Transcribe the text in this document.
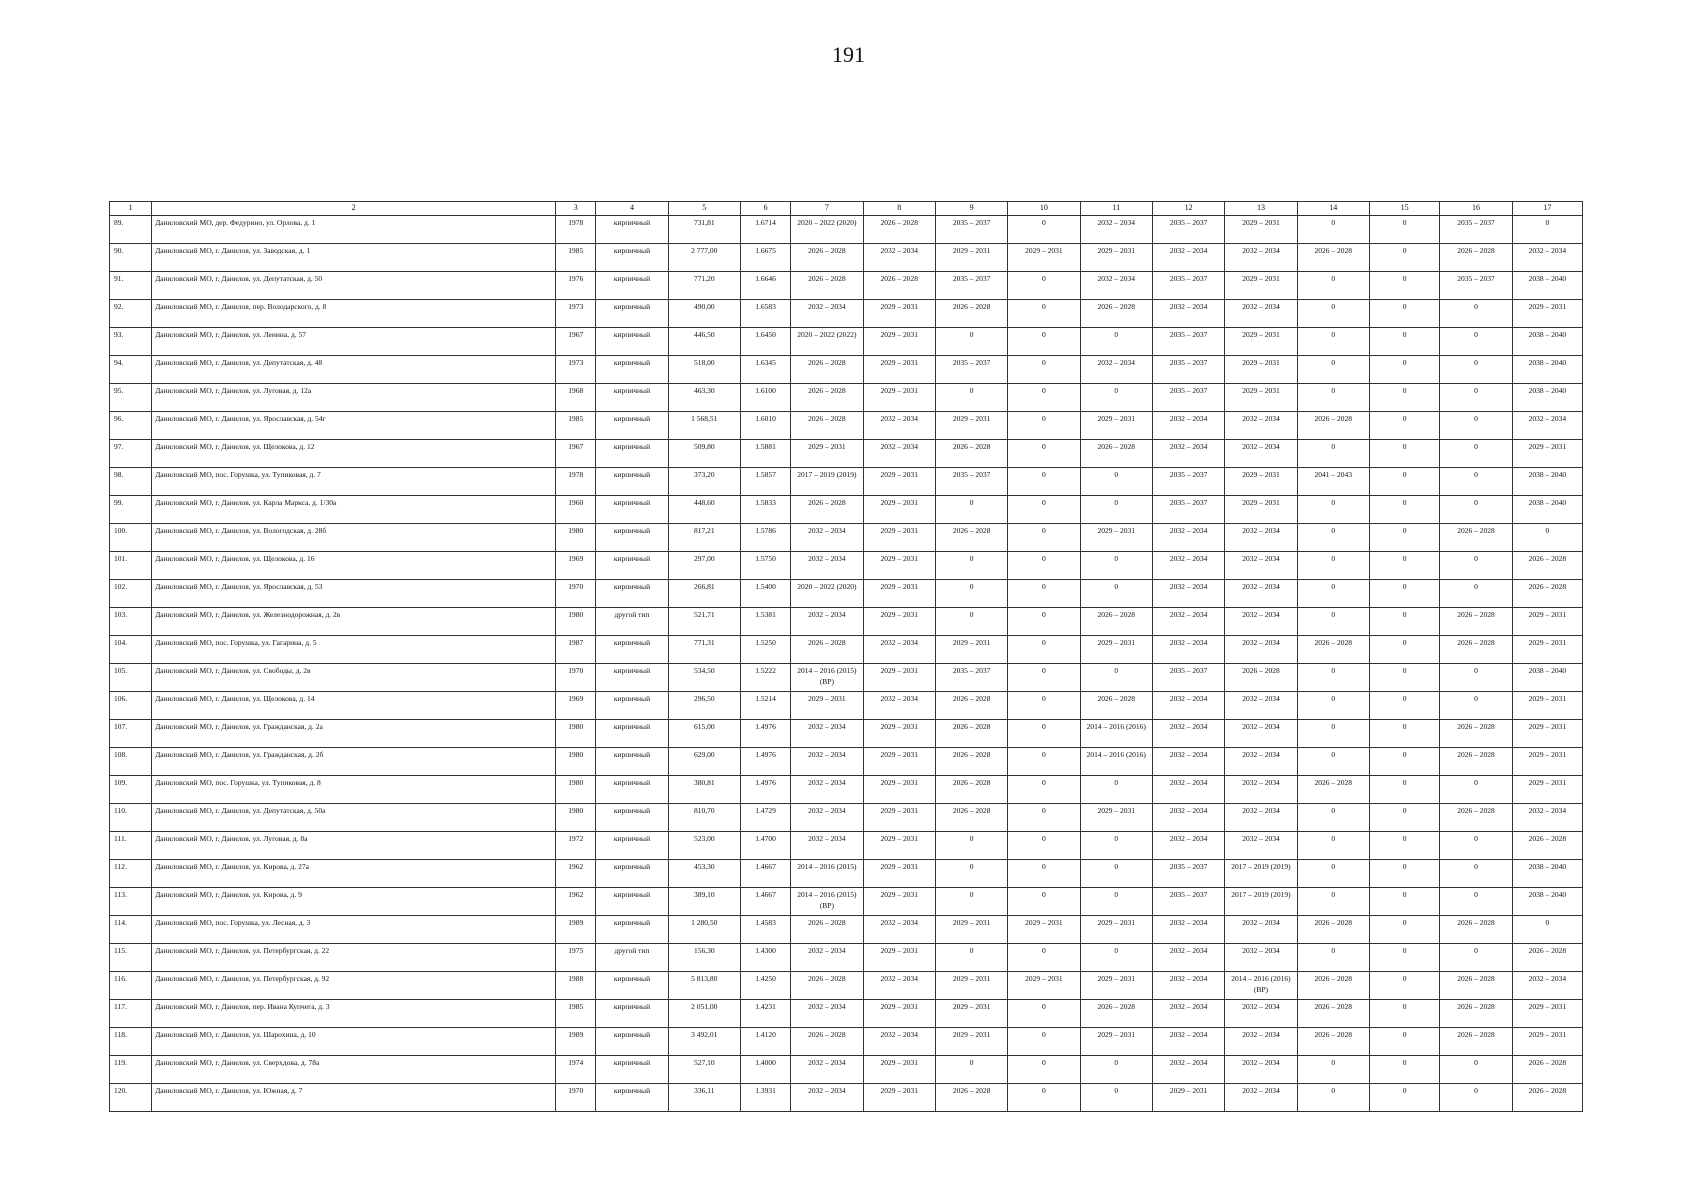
191
1	2	3	4	5	6	7	8	9	10	11	12	13	14	15	16	17
89.	Даниловский МО, дер. Федурино, ул. Орлова, д. 1	1978	кирпичный	731,81	1.6714	2020 – 2022 (2020)	2026 – 2028	2035 – 2037	0	2032 – 2034	2035 – 2037	2029 – 2031	0	0	2035 – 2037	0
90.	Даниловский МО, г. Данилов, ул. Заводская, д. 1	1985	кирпичный	2 777,00	1.6675	2026 – 2028	2032 – 2034	2029 – 2031	2029 – 2031	2029 – 2031	2032 – 2034	2032 – 2034	2026 – 2028	0	2026 – 2028	2032 – 2034
91.	Даниловский МО, г. Данилов, ул. Депутатская, д. 50	1976	кирпичный	771,20	1.6646	2026 – 2028	2026 – 2028	2035 – 2037	0	2032 – 2034	2035 – 2037	2029 – 2031	0	0	2035 – 2037	2038 – 2040
92.	Даниловский МО, г. Данилов, пер. Володарского, д. 8	1973	кирпичный	490,00	1.6583	2032 – 2034	2029 – 2031	2026 – 2028	0	2026 – 2028	2032 – 2034	2032 – 2034	0	0	0	2029 – 2031
93.	Даниловский МО, г. Данилов, ул. Ленина, д. 57	1967	кирпичный	446,50	1.6450	2020 – 2022 (2022)	2029 – 2031	0	0	0	2035 – 2037	2029 – 2031	0	0	0	2038 – 2040
94.	Даниловский МО, г. Данилов, ул. Депутатская, д. 48	1973	кирпичный	518,00	1.6345	2026 – 2028	2029 – 2031	2035 – 2037	0	2032 – 2034	2035 – 2037	2029 – 2031	0	0	0	2038 – 2040
95.	Даниловский МО, г. Данилов, ул. Луговая, д. 12а	1968	кирпичный	463,30	1.6100	2026 – 2028	2029 – 2031	0	0	0	2035 – 2037	2029 – 2031	0	0	0	2038 – 2040
96.	Даниловский МО, г. Данилов, ул. Ярославская, д. 54г	1985	кирпичный	1 568,51	1.6010	2026 – 2028	2032 – 2034	2029 – 2031	0	2029 – 2031	2032 – 2034	2032 – 2034	2026 – 2028	0	0	2032 – 2034
97.	Даниловский МО, г. Данилов, ул. Щелокова, д. 12	1967	кирпичный	509,80	1.5881	2029 – 2031	2032 – 2034	2026 – 2028	0	2026 – 2028	2032 – 2034	2032 – 2034	0	0	0	2029 – 2031
98.	Даниловский МО, пос. Горушка, ул. Тупиковая, д. 7	1978	кирпичный	373,20	1.5857	2017 – 2019 (2019)	2029 – 2031	2035 – 2037	0	0	2035 – 2037	2029 – 2031	2041 – 2043	0	0	2038 – 2040
99.	Даниловский МО, г. Данилов, ул. Карла Маркса, д. 1/30а	1960	кирпичный	448,60	1.5833	2026 – 2028	2029 – 2031	0	0	0	2035 – 2037	2029 – 2031	0	0	0	2038 – 2040
100.	Даниловский МО, г. Данилов, ул. Вологодская, д. 28б	1980	кирпичный	817,21	1.5786	2032 – 2034	2029 – 2031	2026 – 2028	0	2029 – 2031	2032 – 2034	2032 – 2034	0	0	2026 – 2028	0
101.	Даниловский МО, г. Данилов, ул. Щелокова, д. 16	1969	кирпичный	297,00	1.5750	2032 – 2034	2029 – 2031	0	0	0	2032 – 2034	2032 – 2034	0	0	0	2026 – 2028
102.	Даниловский МО, г. Данилов, ул. Ярославская, д. 53	1970	кирпичный	266,81	1.5400	2020 – 2022 (2020)	2029 – 2031	0	0	0	2032 – 2034	2032 – 2034	0	0	0	2026 – 2028
103.	Даниловский МО, г. Данилов, ул. Железнодорожная, д. 2в	1980	другой тип	521,71	1.5381	2032 – 2034	2029 – 2031	0	0	2026 – 2028	2032 – 2034	2032 – 2034	0	0	2026 – 2028	2029 – 2031
104.	Даниловский МО, пос. Горушка, ул. Гагарина, д. 5	1987	кирпичный	771,31	1.5250	2026 – 2028	2032 – 2034	2029 – 2031	0	2029 – 2031	2032 – 2034	2032 – 2034	2026 – 2028	0	2026 – 2028	2029 – 2031
105.	Даниловский МО, г. Данилов, ул. Свободы, д. 2в	1970	кирпичный	534,50	1.5222	2014 – 2016 (2015) (ВР)	2029 – 2031	2035 – 2037	0	0	2035 – 2037	2026 – 2028	0	0	0	2038 – 2040
106.	Даниловский МО, г. Данилов, ул. Щелокова, д. 14	1969	кирпичный	296,50	1.5214	2029 – 2031	2032 – 2034	2026 – 2028	0	2026 – 2028	2032 – 2034	2032 – 2034	0	0	0	2029 – 2031
107.	Даниловский МО, г. Данилов, ул. Гражданская, д. 2а	1980	кирпичный	615,00	1.4976	2032 – 2034	2029 – 2031	2026 – 2028	0	2014 – 2016 (2016)	2032 – 2034	2032 – 2034	0	0	2026 – 2028	2029 – 2031
108.	Даниловский МО, г. Данилов, ул. Гражданская, д. 2б	1980	кирпичный	629,00	1.4976	2032 – 2034	2029 – 2031	2026 – 2028	0	2014 – 2016 (2016)	2032 – 2034	2032 – 2034	0	0	2026 – 2028	2029 – 2031
109.	Даниловский МО, пос. Горушка, ул. Тупиковая, д. 8	1980	кирпичный	380,81	1.4976	2032 – 2034	2029 – 2031	2026 – 2028	0	0	2032 – 2034	2032 – 2034	2026 – 2028	0	0	2029 – 2031
110.	Даниловский МО, г. Данилов, ул. Депутатская, д. 50а	1980	кирпичный	810,70	1.4729	2032 – 2034	2029 – 2031	2026 – 2028	0	2029 – 2031	2032 – 2034	2032 – 2034	0	0	2026 – 2028	2032 – 2034
111.	Даниловский МО, г. Данилов, ул. Луговая, д. 8а	1972	кирпичный	523,00	1.4700	2032 – 2034	2029 – 2031	0	0	0	2032 – 2034	2032 – 2034	0	0	0	2026 – 2028
112.	Даниловский МО, г. Данилов, ул. Кирова, д. 27а	1962	кирпичный	453,30	1.4667	2014 – 2016 (2015)	2029 – 2031	0	0	0	2035 – 2037	2017 – 2019 (2019)	0	0	0	2038 – 2040
113.	Даниловский МО, г. Данилов, ул. Кирова, д. 9	1962	кирпичный	389,10	1.4667	2014 – 2016 (2015) (ВР)	2029 – 2031	0	0	0	2035 – 2037	2017 – 2019 (2019)	0	0	0	2038 – 2040
114.	Даниловский МО, пос. Горушка, ул. Лесная, д. 3	1989	кирпичный	1 280,50	1.4583	2026 – 2028	2032 – 2034	2029 – 2031	2029 – 2031	2029 – 2031	2032 – 2034	2032 – 2034	2026 – 2028	0	2026 – 2028	0
115.	Даниловский МО, г. Данилов, ул. Петербургская, д. 22	1975	другой тип	156,30	1.4300	2032 – 2034	2029 – 2031	0	0	0	2032 – 2034	2032 – 2034	0	0	0	2026 – 2028
116.	Даниловский МО, г. Данилов, ул. Петербургская, д. 92	1988	кирпичный	5 813,80	1.4250	2026 – 2028	2032 – 2034	2029 – 2031	2029 – 2031	2029 – 2031	2032 – 2034	2014 – 2016 (2016) (ВР)	2026 – 2028	0	2026 – 2028	2032 – 2034
117.	Даниловский МО, г. Данилов, пер. Ивана Купчега, д. 3	1985	кирпичный	2 051,00	1.4231	2032 – 2034	2029 – 2031	2029 – 2031	0	2026 – 2028	2032 – 2034	2032 – 2034	2026 – 2028	0	2026 – 2028	2029 – 2031
118.	Даниловский МО, г. Данилов, ул. Шарохина, д. 10	1989	кирпичный	3 492,01	1.4120	2026 – 2028	2032 – 2034	2029 – 2031	0	2029 – 2031	2032 – 2034	2032 – 2034	2026 – 2028	0	2026 – 2028	2029 – 2031
119.	Даниловский МО, г. Данилов, ул. Сверхдова, д. 78а	1974	кирпичный	527,10	1.4000	2032 – 2034	2029 – 2031	0	0	0	2032 – 2034	2032 – 2034	0	0	0	2026 – 2028
120.	Даниловский МО, г. Данилов, ул. Южная, д. 7	1970	кирпичный	336,11	1.3931	2032 – 2034	2029 – 2031	2026 – 2028	0	0	2029 – 2031	2032 – 2034	0	0	0	2026 – 2028
